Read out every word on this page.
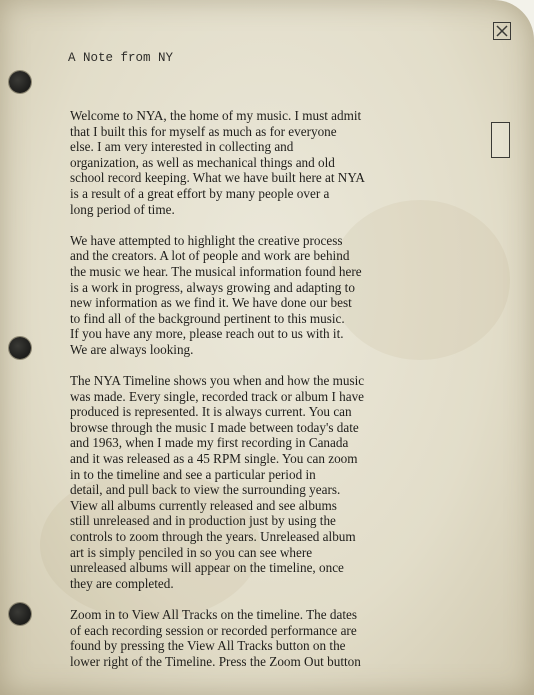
A Note from NY

Welcome to NYA, the home of my music. I must admit
that I built this for myself as much as for everyone
else. I am very interested in collecting and
organization, as well as mechanical things and old
school record keeping. What we have built here at NYA
is a result of a great effort by many people over a
long period of time.

We have attempted to highlight the creative process
and the creators. A lot of people and work are behind
the music we hear. The musical information found here
is a work in progress, always growing and adapting to
new information as we find it. We have done our best
to find all of the background pertinent to this music.
If you have any more, please reach out to us with it.
We are always looking.

The NYA Timeline shows you when and how the music
was made. Every single, recorded track or album I have
produced is represented. It is always current. You can
browse through the music I made between today's date
and 1963, when I made my first recording in Canada
and it was released as a 45 RPM single. You can zoom
in to the timeline and see a particular period in
detail, and pull back to view the surrounding years.
View all albums currently released and see albums
still unreleased and in production just by using the
controls to zoom through the years. Unreleased album
art is simply penciled in so you can see where
unreleased albums will appear on the timeline, once
they are completed.

Zoom in to View All Tracks on the timeline. The dates
of each recording session or recorded performance are
found by pressing the View All Tracks button on the
lower right of the Timeline. Press the Zoom Out button
